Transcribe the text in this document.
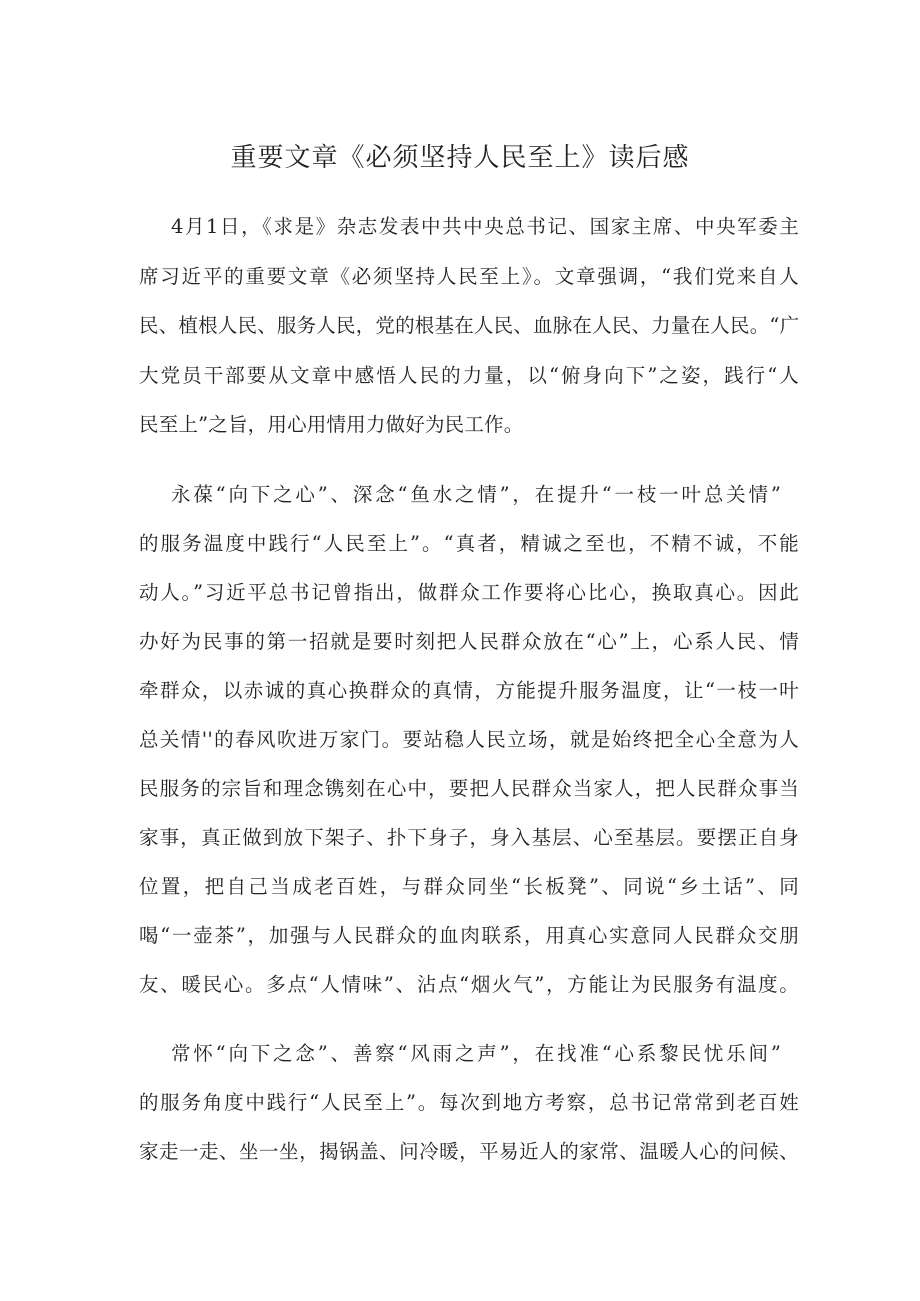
重要文章《必须坚持人民至上》读后感
4月1日，《求是》杂志发表中共中央总书记、国家主席、中央军委主
席习近平的重要文章《必须坚持人民至上》。文章强调，“我们党来自人
民、植根人民、服务人民，党的根基在人民、血脉在人民、力量在人民。“广
大党员干部要从文章中感悟人民的力量，以“俯身向下”之姿，践行“人
民至上”之旨，用心用情用力做好为民工作。
永葆“向下之心”、深念“鱼水之情”，在提升“一枝一叶总关情”
的服务温度中践行“人民至上”。“真者，精诚之至也，不精不诚，不能
动人。”习近平总书记曾指出，做群众工作要将心比心，换取真心。因此
办好为民事的第一招就是要时刻把人民群众放在“心”上，心系人民、情
牵群众，以赤诚的真心换群众的真情，方能提升服务温度，让“一枝一叶
总关情''的春风吹进万家门。要站稳人民立场，就是始终把全心全意为人
民服务的宗旨和理念镌刻在心中，要把人民群众当家人，把人民群众事当
家事，真正做到放下架子、扑下身子，身入基层、心至基层。要摆正自身
位置，把自己当成老百姓，与群众同坐“长板凳”、同说“乡土话”、同
喝“一壶茶”，加强与人民群众的血肉联系，用真心实意同人民群众交朋
友、暖民心。多点“人情味”、沾点“烟火气”，方能让为民服务有温度。
常怀“向下之念”、善察“风雨之声”，在找准“心系黎民忧乐间”
的服务角度中践行“人民至上”。每次到地方考察，总书记常常到老百姓
家走一走、坐一坐，揭锅盖、问冷暖，平易近人的家常、温暖人心的问候、
